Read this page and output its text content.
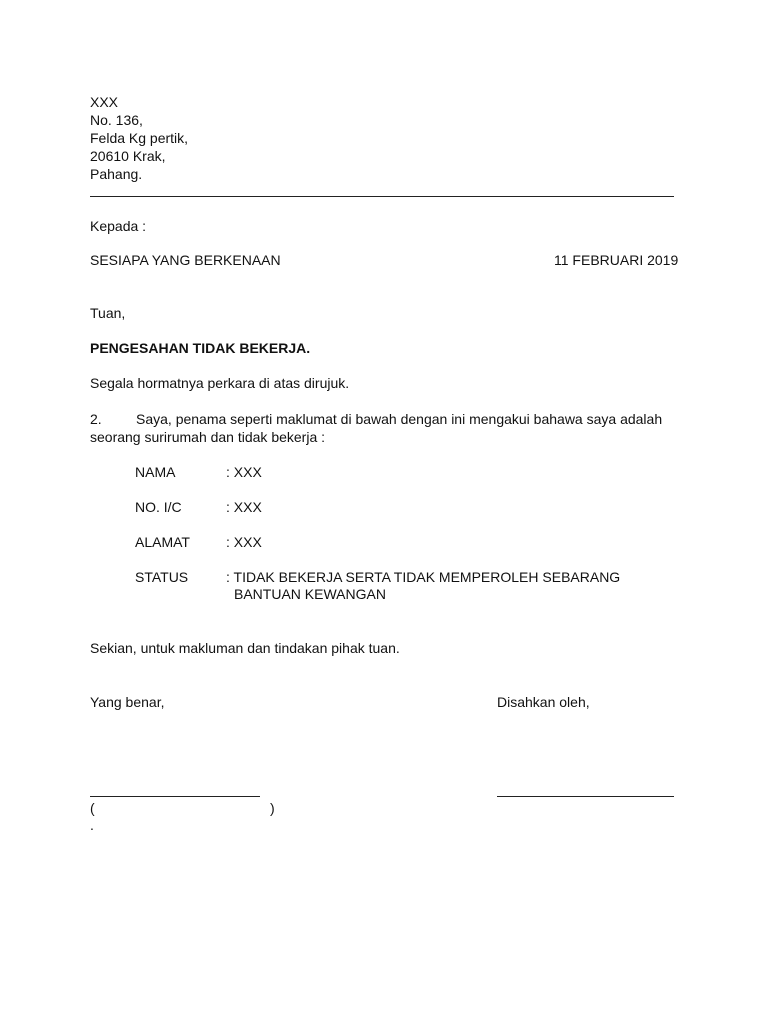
XXX
No. 136,
Felda Kg pertik,
20610 Krak,
Pahang.
Kepada :
SESIAPA YANG BERKENAAN	11 FEBRUARI 2019
Tuan,
PENGESAHAN TIDAK BEKERJA.
Segala hormatnya perkara di atas dirujuk.
2. Saya, penama seperti maklumat di bawah dengan ini mengakui bahawa saya adalah
seorang surirumah dan tidak bekerja :
NAMA	: XXX
NO. I/C	: XXX
ALAMAT	: XXX
STATUS	: TIDAK BEKERJA SERTA TIDAK MEMPEROLEH SEBARANG
BANTUAN KEWANGAN
Sekian, untuk makluman dan tindakan pihak tuan.
Yang benar,	Disahkan oleh,
(	)
.
